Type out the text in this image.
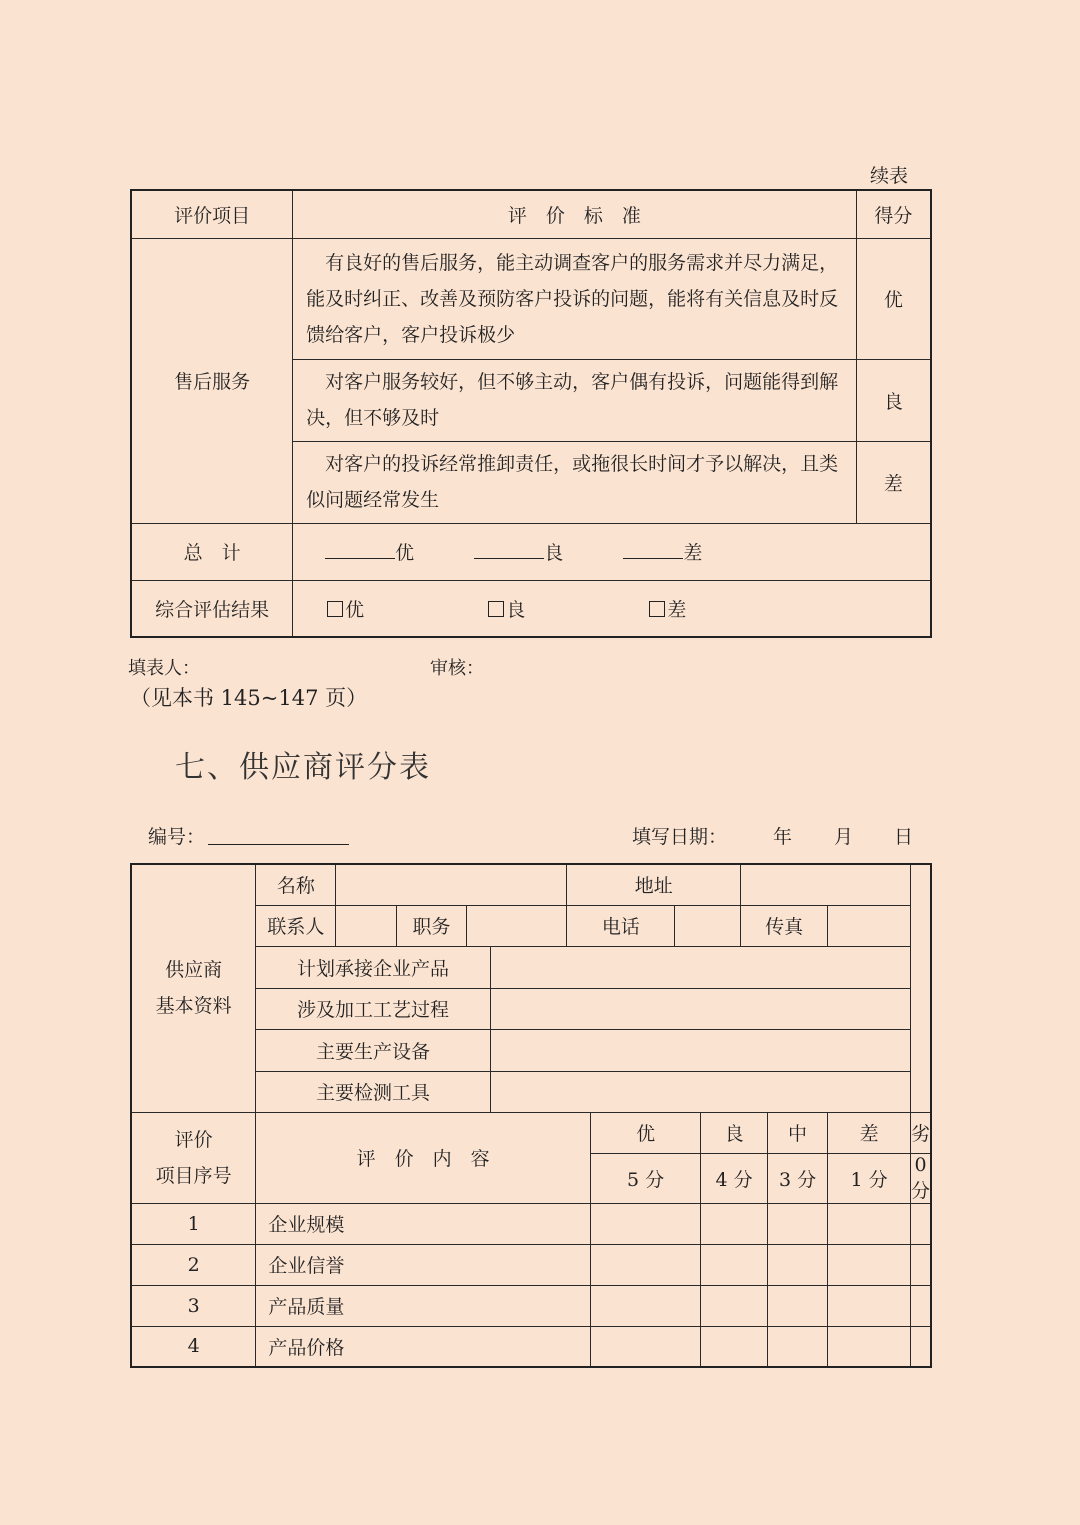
续表
评价项目	评　价　标　准	得分
售后服务	有良好的售后服务，能主动调查客户的服务需求并尽力满足，能及时纠正、改善及预防客户投诉的问题，能将有关信息及时反馈给客户，客户投诉极少	优
	对客户服务较好，但不够主动，客户偶有投诉，问题能得到解决，但不够及时	良
	对客户的投诉经常推卸责任，或拖很长时间才予以解决，且类似问题经常发生	差
总　计	优 良 差	
综合评估结果	优 良 差	
填表人：	审核：
（见本书 145~147 页）
七、供应商评分表
编号：	填写日期： 年 月 日
供应商
基本资料	名称					地址							
	联系人		职务			电话				传真			
	计划承接企业产品												
	涉及加工工艺过程												
	主要生产设备												
	主要检测工具												
评价
项目序号	评　价　内　容						优		良		中	差	劣
							5 分		4 分		3 分	1 分	0 分
1	企业规模												
2	企业信誉												
3	产品质量												
4	产品价格												
